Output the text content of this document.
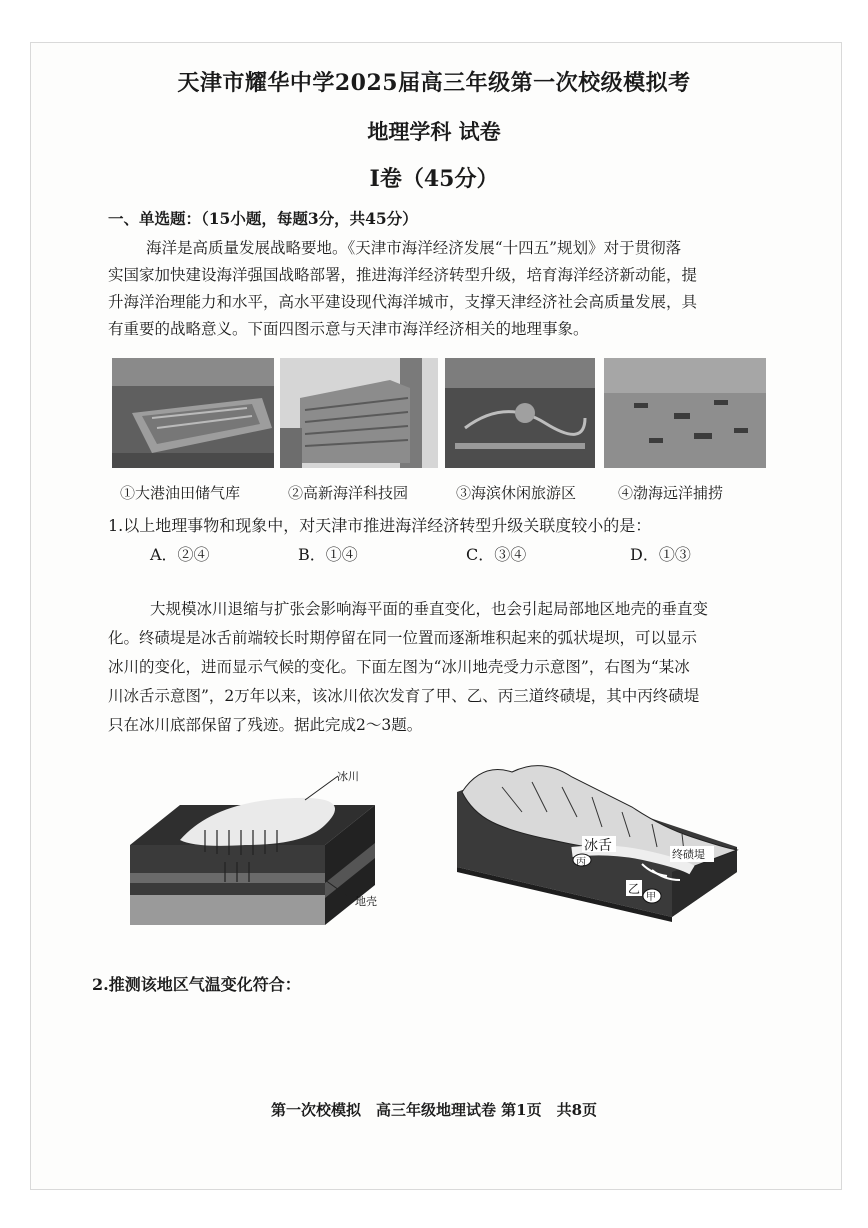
天津市耀华中学2025届高三年级第一次校级模拟考
地理学科 试卷
Ⅰ卷（45分）
一、单选题：（15小题，每题3分，共45分）
海洋是高质量发展战略要地。《天津市海洋经济发展“十四五”规划》对于贯彻落
实国家加快建设海洋强国战略部署，推进海洋经济转型升级，培育海洋经济新动能，提
升海洋治理能力和水平，高水平建设现代海洋城市，支撑天津经济社会高质量发展，具
有重要的战略意义。下面四图示意与天津市海洋经济相关的地理事象。
①大港油田储气库	②高新海洋科技园	③海滨休闲旅游区	④渤海远洋捕捞
1.以上地理事物和现象中，对天津市推进海洋经济转型升级关联度较小的是：
A．②④	B．①④	C．③④	D．①③
大规模冰川退缩与扩张会影响海平面的垂直变化，也会引起局部地区地壳的垂直变
化。终碛堤是冰舌前端较长时期停留在同一位置而逐渐堆积起来的弧状堤坝，可以显示
冰川的变化，进而显示气候的变化。下面左图为“冰川地壳受力示意图”，右图为“某冰
川冰舌示意图”，2万年以来，该冰川依次发育了甲、乙、丙三道终碛堤，其中丙终碛堤
只在冰川底部保留了残迹。据此完成2～3题。
冰川
地壳
冰舌
终碛堤
丙
乙
甲
2.推测该地区气温变化符合：
第一次校模拟　高三年级地理试卷 第1页　共8页
